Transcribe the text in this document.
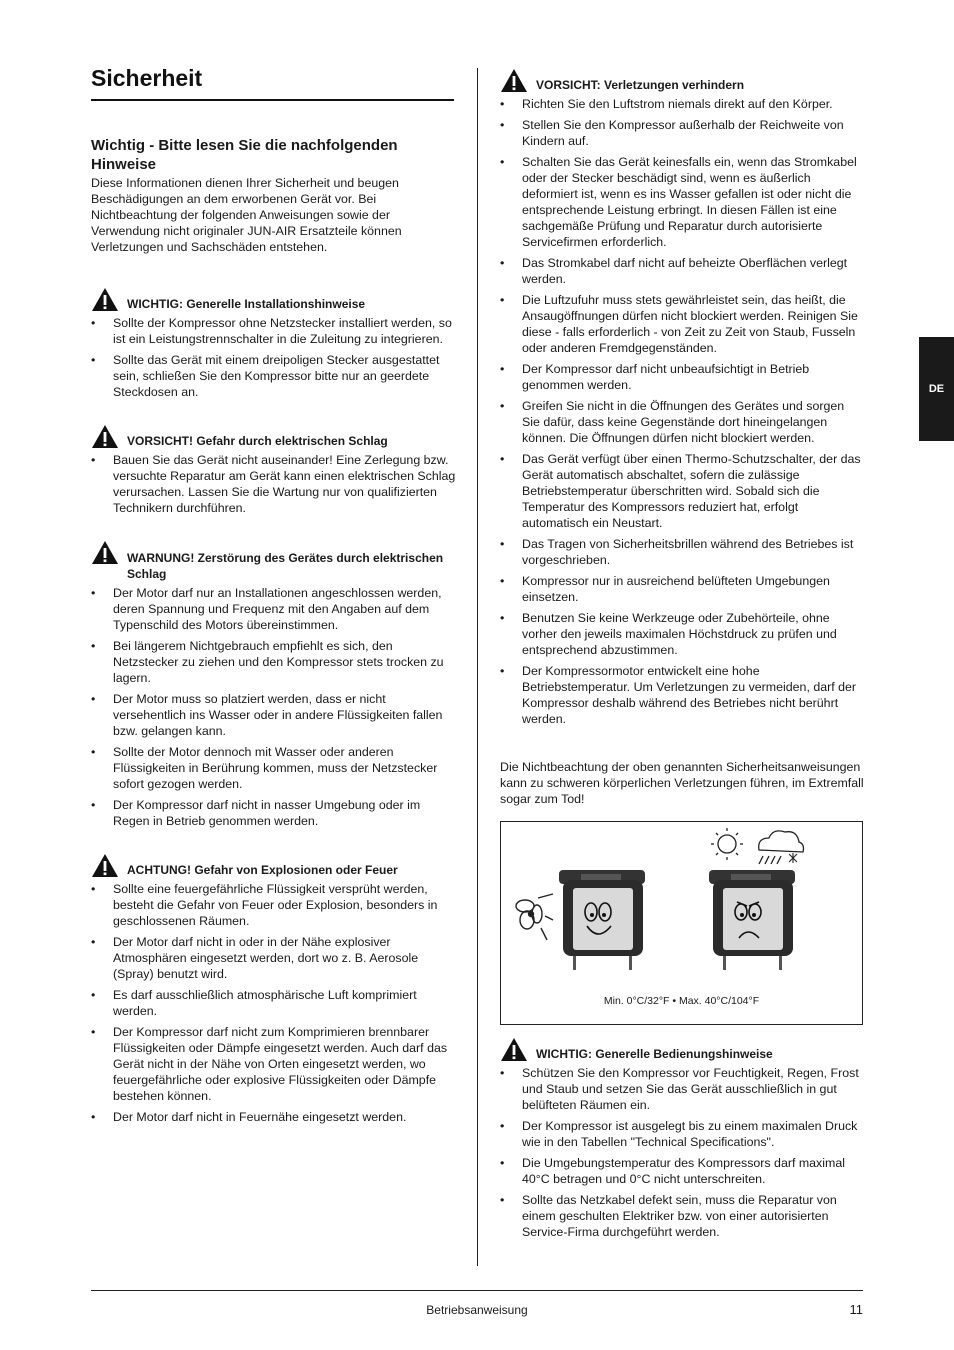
Sicherheit
DE
Wichtig - Bitte lesen Sie die nachfolgenden Hinweise
Diese Informationen dienen Ihrer Sicherheit und beugen Beschädigungen an dem erworbenen Gerät vor. Bei Nichtbeachtung der folgenden Anweisungen sowie der Verwendung nicht originaler JUN-AIR Ersatzteile können Verletzungen und Sachschäden entstehen.
WICHTIG: Generelle Installationshinweise
• Sollte der Kompressor ohne Netzstecker installiert werden, so ist ein Leistungstrennschalter in die Zuleitung zu integrieren.
• Sollte das Gerät mit einem dreipoligen Stecker ausgestattet sein, schließen Sie den Kompressor bitte nur an geerdete Steckdosen an.
VORSICHT! Gefahr durch elektrischen Schlag
• Bauen Sie das Gerät nicht auseinander! Eine Zerlegung bzw. versuchte Reparatur am Gerät kann einen elektrischen Schlag verursachen. Lassen Sie die Wartung nur von qualifizierten Technikern durchführen.
WARNUNG! Zerstörung des Gerätes durch elektrischen Schlag
• Der Motor darf nur an Installationen angeschlossen werden, deren Spannung und Frequenz mit den Angaben auf dem Typenschild des Motors übereinstimmen.
• Bei längerem Nichtgebrauch empfiehlt es sich, den Netzstecker zu ziehen und den Kompressor stets trocken zu lagern.
• Der Motor muss so platziert werden, dass er nicht versehentlich ins Wasser oder in andere Flüssigkeiten fallen bzw. gelangen kann.
• Sollte der Motor dennoch mit Wasser oder anderen Flüssigkeiten in Berührung kommen, muss der Netzstecker sofort gezogen werden.
• Der Kompressor darf nicht in nasser Umgebung oder im Regen in Betrieb genommen werden.
ACHTUNG! Gefahr von Explosionen oder Feuer
• Sollte eine feuergefährliche Flüssigkeit versprüht werden, besteht die Gefahr von Feuer oder Explosion, besonders in geschlossenen Räumen.
• Der Motor darf nicht in oder in der Nähe explosiver Atmosphären eingesetzt werden, dort wo z. B. Aerosole (Spray) benutzt wird.
• Es darf ausschließlich atmosphärische Luft komprimiert werden.
• Der Kompressor darf nicht zum Komprimieren brennbarer Flüssigkeiten oder Dämpfe eingesetzt werden. Auch darf das Gerät nicht in der Nähe von Orten eingesetzt werden, wo feuergefährliche oder explosive Flüssigkeiten oder Dämpfe bestehen können.
• Der Motor darf nicht in Feuernähe eingesetzt werden.
VORSICHT: Verletzungen verhindern
• Richten Sie den Luftstrom niemals direkt auf den Körper.
• Stellen Sie den Kompressor außerhalb der Reichweite von Kindern auf.
• Schalten Sie das Gerät keinesfalls ein, wenn das Stromkabel oder der Stecker beschädigt sind, wenn es äußerlich deformiert ist, wenn es ins Wasser gefallen ist oder nicht die entsprechende Leistung erbringt. In diesen Fällen ist eine sachgemäße Prüfung und Reparatur durch autorisierte Servicefirmen erforderlich.
• Das Stromkabel darf nicht auf beheizte Oberflächen verlegt werden.
• Die Luftzufuhr muss stets gewährleistet sein, das heißt, die Ansaugöffnungen dürfen nicht blockiert werden. Reinigen Sie diese - falls erforderlich - von Zeit zu Zeit von Staub, Fusseln oder anderen Fremdgegenständen.
• Der Kompressor darf nicht unbeaufsichtigt in Betrieb genommen werden.
• Greifen Sie nicht in die Öffnungen des Gerätes und sorgen Sie dafür, dass keine Gegenstände dort hineingelangen können. Die Öffnungen dürfen nicht blockiert werden.
• Das Gerät verfügt über einen Thermo-Schutzschalter, der das Gerät automatisch abschaltet, sofern die zulässige Betriebstemperatur überschritten wird. Sobald sich die Temperatur des Kompressors reduziert hat, erfolgt automatisch ein Neustart.
• Das Tragen von Sicherheitsbrillen während des Betriebes ist vorgeschrieben.
• Kompressor nur in ausreichend belüfteten Umgebungen einsetzen.
• Benutzen Sie keine Werkzeuge oder Zubehörteile, ohne vorher den jeweils maximalen Höchstdruck zu prüfen und entsprechend abzustimmen.
• Der Kompressormotor entwickelt eine hohe Betriebstemperatur. Um Verletzungen zu vermeiden, darf der Kompressor deshalb während des Betriebes nicht berührt werden.
Die Nichtbeachtung der oben genannten Sicherheitsanweisungen kann zu schweren körperlichen Verletzungen führen, im Extremfall sogar zum Tod!
Min. 0°C/32°F • Max. 40°C/104°F
WICHTIG: Generelle Bedienungshinweise
• Schützen Sie den Kompressor vor Feuchtigkeit, Regen, Frost und Staub und setzen Sie das Gerät ausschließlich in gut belüfteten Räumen ein.
• Der Kompressor ist ausgelegt bis zu einem maximalen Druck wie in den Tabellen "Technical Specifications".
• Die Umgebungstemperatur des Kompressors darf maximal 40°C betragen und 0°C nicht unterschreiten.
• Sollte das Netzkabel defekt sein, muss die Reparatur von einem geschulten Elektriker bzw. von einer autorisierten Service-Firma durchgeführt werden.
Betriebsanweisung	11
